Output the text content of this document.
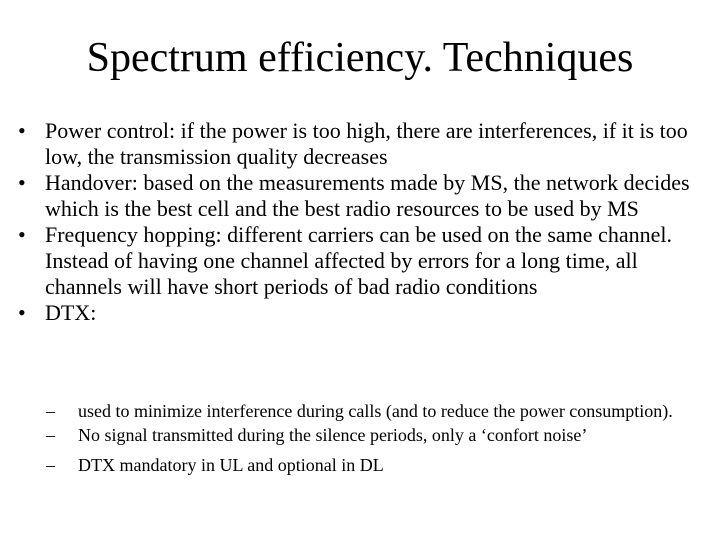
Spectrum efficiency. Techniques
• Power control: if the power is too high, there are interferences, if it is too low, the transmission quality decreases
• Handover: based on the measurements made by MS, the network decides which is the best cell and the best radio resources to be used by MS
• Frequency hopping: different carriers can be used on the same channel. Instead of having one channel affected by errors for a long time, all channels will have short periods of bad radio conditions
• DTX:
–	used to minimize interference during calls (and to reduce the power consumption).
–	No signal transmitted during the silence periods, only a ‘confort noise’
–	DTX mandatory in UL and optional in DL
